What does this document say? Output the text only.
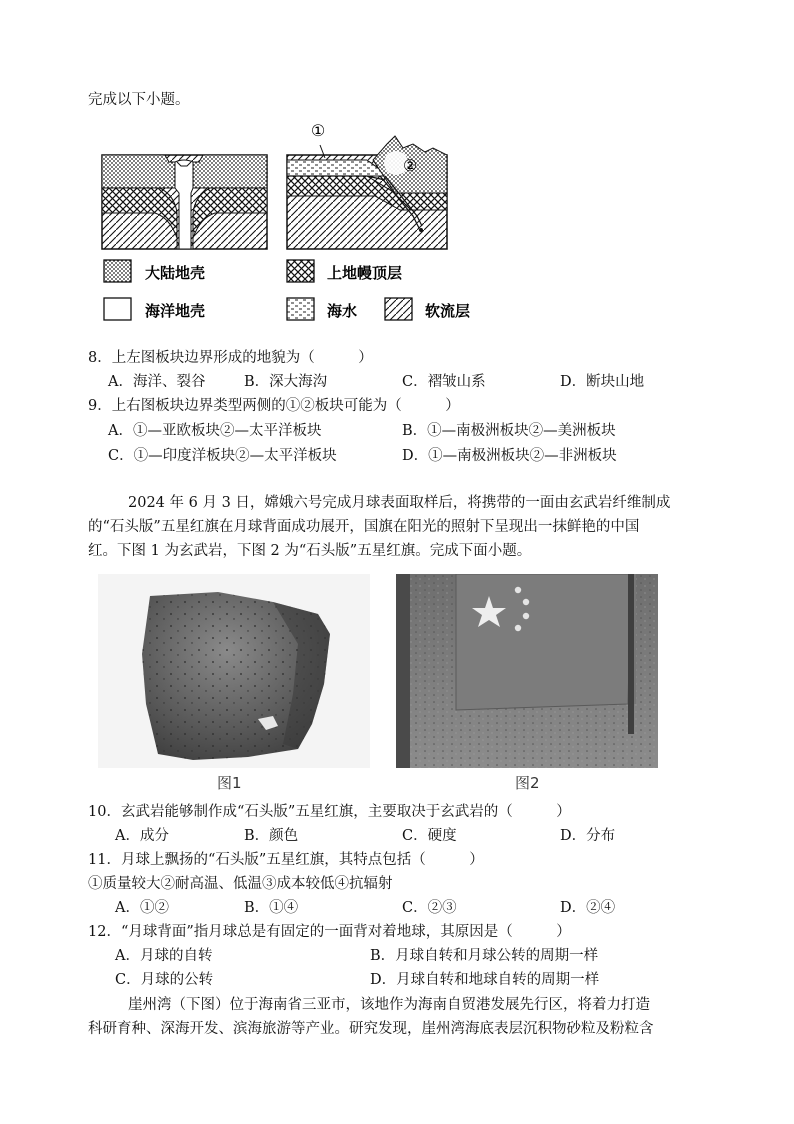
完成以下小题。
①
②
大陆地壳	上地幔顶层
海洋地壳	海水	软流层
8．上左图板块边界形成的地貌为（　　　）
A．海洋、裂谷	B．深大海沟	C．褶皱山系	D．断块山地
9．上右图板块边界类型两侧的①②板块可能为（　　　）
A．①—亚欧板块②—太平洋板块	B．①—南极洲板块②—美洲板块
C．①—印度洋板块②—太平洋板块	D．①—南极洲板块②—非洲板块
2024 年 6 月 3 日，嫦娥六号完成月球表面取样后，将携带的一面由玄武岩纤维制成
的“石头版”五星红旗在月球背面成功展开，国旗在阳光的照射下呈现出一抹鲜艳的中国
红。下图 1 为玄武岩，下图 2 为“石头版”五星红旗。完成下面小题。
图1	图2
10．玄武岩能够制作成“石头版”五星红旗，主要取决于玄武岩的（　　　）
A．成分	B．颜色	C．硬度	D．分布
11．月球上飘扬的“石头版”五星红旗，其特点包括（　　　）
①质量较大②耐高温、低温③成本较低④抗辐射
A．①②	B．①④	C．②③	D．②④
12．“月球背面”指月球总是有固定的一面背对着地球，其原因是（　　　）
A．月球的自转	B．月球自转和月球公转的周期一样
C．月球的公转	D．月球自转和地球自转的周期一样
崖州湾（下图）位于海南省三亚市，该地作为海南自贸港发展先行区，将着力打造
科研育种、深海开发、滨海旅游等产业。研究发现，崖州湾海底表层沉积物砂粒及粉粒含
